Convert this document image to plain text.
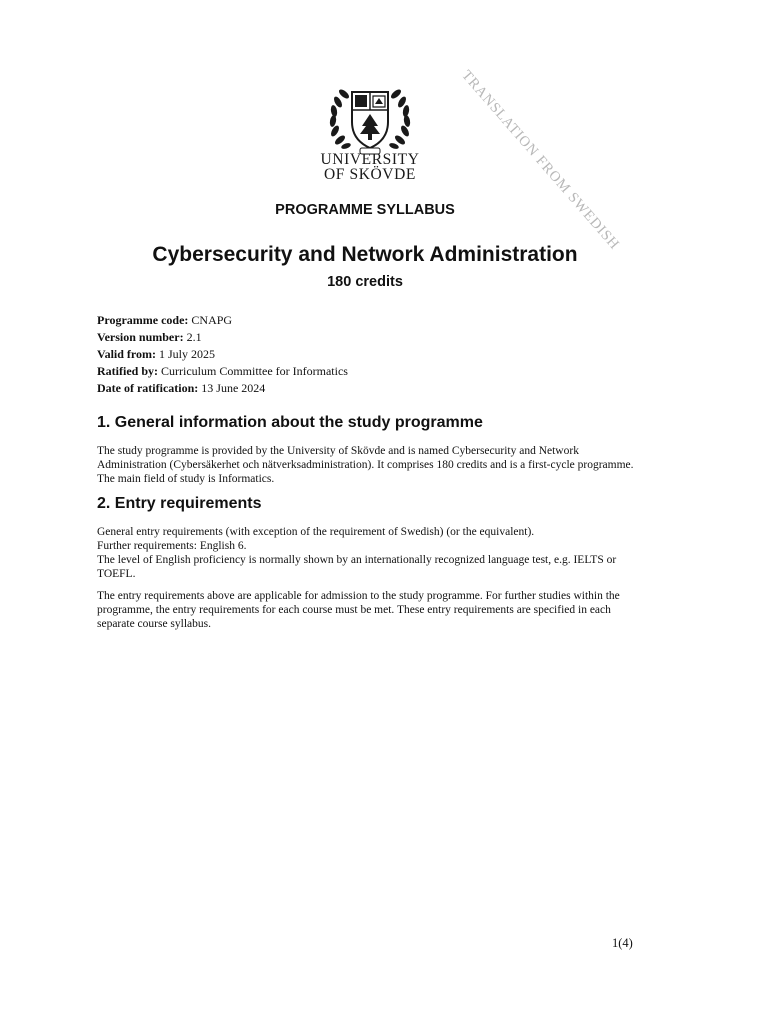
UNIVERSITY
OF SKÖVDE	TRANSLATION FROM SWEDISH
PROGRAMME SYLLABUS
Cybersecurity and Network Administration
180 credits
Programme code: CNAPG
Version number: 2.1
Valid from: 1 July 2025
Ratified by: Curriculum Committee for Informatics
Date of ratification: 13 June 2024
1. General information about the study programme
The study programme is provided by the University of Skövde and is named Cybersecurity and Network Administration (Cybersäkerhet och nätverksadministration). It comprises 180 credits and is a first-cycle programme. The main field of study is Informatics.
2. Entry requirements
General entry requirements (with exception of the requirement of Swedish) (or the equivalent).
Further requirements: English 6.
The level of English proficiency is normally shown by an internationally recognized language test, e.g. IELTS or TOEFL.
The entry requirements above are applicable for admission to the study programme. For further studies within the programme, the entry requirements for each course must be met. These entry requirements are specified in each separate course syllabus.
1(4)
